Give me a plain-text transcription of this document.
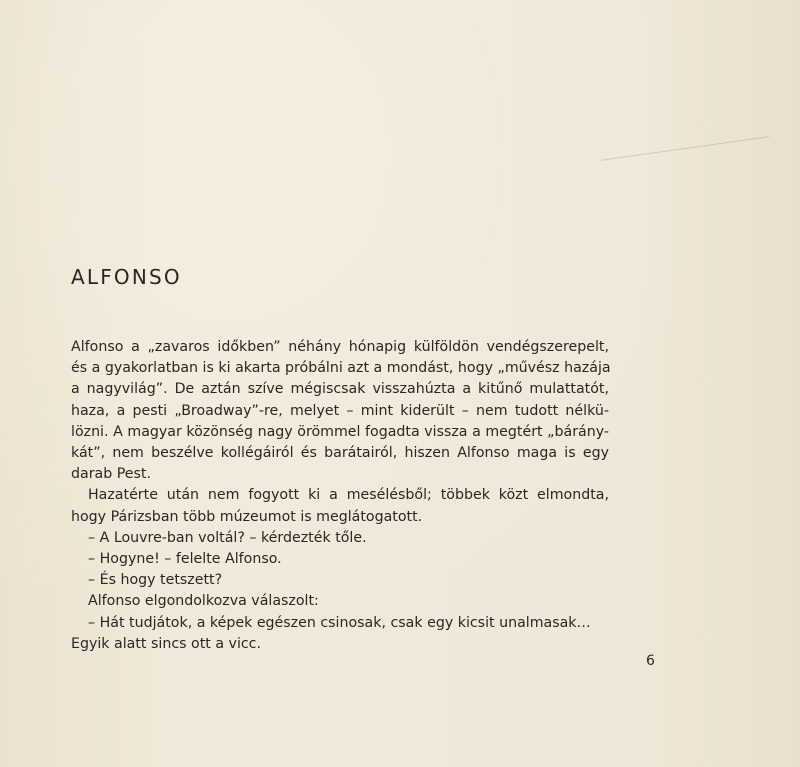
ALFONSO
Alfonso a „zavaros időkben” néhány hónapig külföldön vendégszerepelt,
és a gyakorlatban is ki akarta próbálni azt a mondást, hogy „művész hazája
a nagyvilág”. De aztán szíve mégiscsak visszahúzta a kitűnő mulattatót,
haza, a pesti „Broadway”-re, melyet – mint kiderült – nem tudott nélkü-
lözni. A magyar közönség nagy örömmel fogadta vissza a megtért „bárány-
kát”, nem beszélve kollégáiról és barátairól, hiszen Alfonso maga is egy
darab Pest.
Hazatérte után nem fogyott ki a mesélésből; többek közt elmondta,
hogy Párizsban több múzeumot is meglátogatott.
– A Louvre-ban voltál? – kérdezték tőle.
– Hogyne! – felelte Alfonso.
– És hogy tetszett?
Alfonso elgondolkozva válaszolt:
– Hát tudjátok, a képek egészen csinosak, csak egy kicsit unalmasak…
Egyik alatt sincs ott a vicc.
6
